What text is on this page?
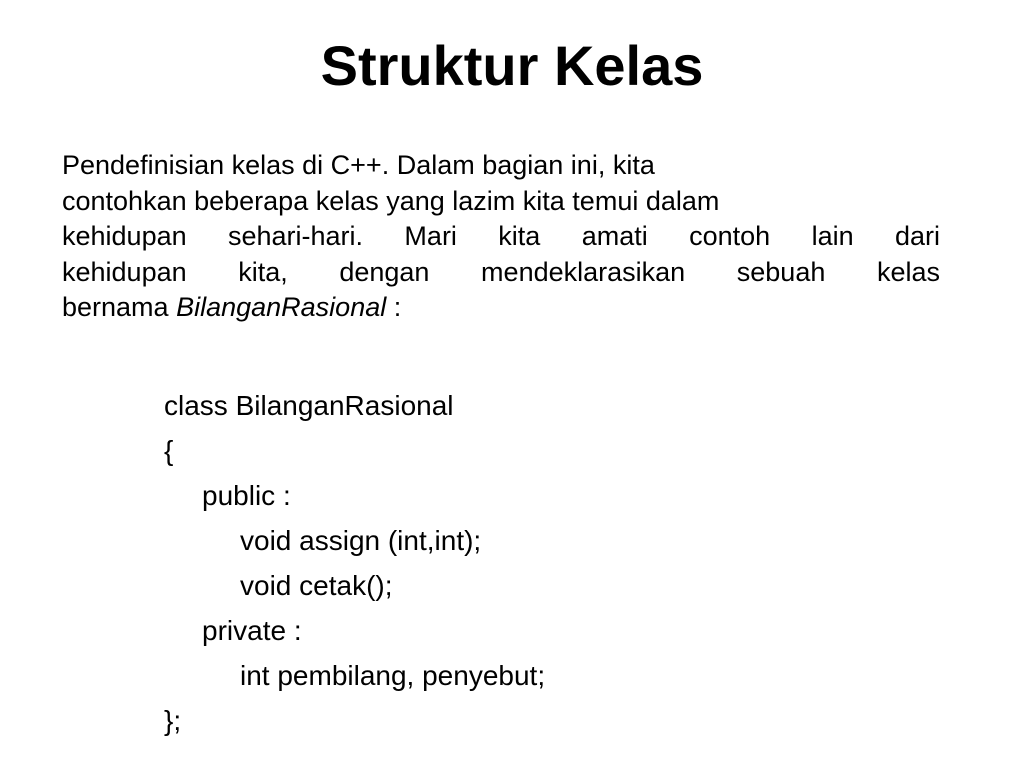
Struktur Kelas
Pendefinisian kelas di C++. Dalam bagian ini, kita
contohkan beberapa kelas yang lazim kita temui dalam
kehidupan sehari-hari. Mari kita amati contoh lain dari
kehidupan kita, dengan mendeklarasikan sebuah kelas
bernama BilanganRasional :
class BilanganRasional
{
public :
void assign (int,int);
void cetak();
private :
int pembilang, penyebut;
};
